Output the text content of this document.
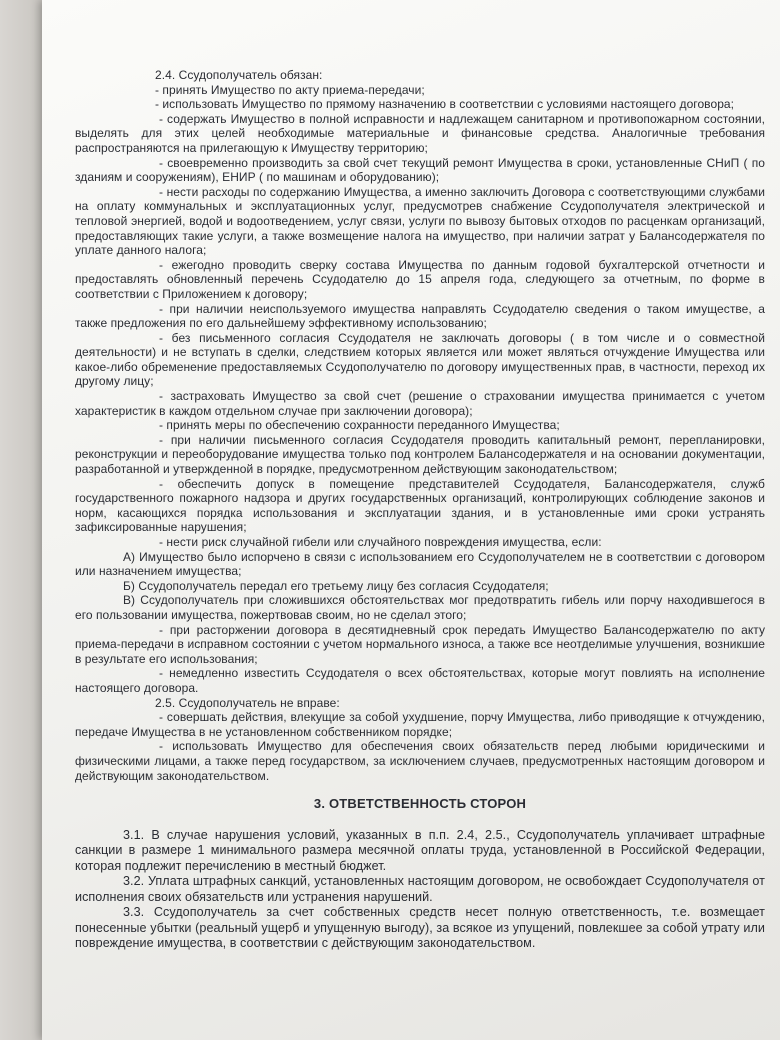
2.4. Ссудополучатель обязан:

- принять Имущество по акту приема-передачи;

- использовать Имущество по прямому назначению в соответствии с условиями настоящего договора;

- содержать Имущество в полной исправности и надлежащем санитарном и противопожарном состоянии, выделять для этих целей необходимые материальные и финансовые средства. Аналогичные требования распространяются на прилегающую к Имуществу территорию;

- своевременно производить за свой счет текущий ремонт Имущества в сроки, установленные СНиП ( по зданиям и сооружениям), ЕНИР ( по машинам и оборудованию);

- нести расходы по содержанию Имущества, а именно заключить Договора с соответствующими службами на оплату коммунальных и эксплуатационных услуг, предусмотрев снабжение Ссудополучателя электрической и тепловой энергией, водой и водоотведением, услуг связи, услуги по вывозу бытовых отходов по расценкам организаций, предоставляющих такие услуги, а также возмещение налога на имущество, при наличии затрат у Балансодержателя по уплате данного налога;

- ежегодно проводить сверку состава Имущества по данным годовой бухгалтерской отчетности и предоставлять обновленный перечень Ссудодателю до 15 апреля года, следующего за отчетным, по форме в соответствии с Приложением к договору;

- при наличии неиспользуемого имущества направлять Ссудодателю сведения о таком имуществе, а также предложения по его дальнейшему эффективному использованию;

- без письменного согласия Ссудодателя не заключать договоры ( в том числе и о совместной деятельности) и не вступать в сделки, следствием которых является или может являться отчуждение Имущества или какое-либо обременение предоставляемых Ссудополучателю по договору имущественных прав, в частности, переход их другому лицу;

- застраховать Имущество за свой счет (решение о страховании имущества принимается с учетом характеристик в каждом отдельном случае при заключении договора);

- принять меры по обеспечению сохранности переданного Имущества;

- при наличии письменного согласия Ссудодателя проводить капитальный ремонт, перепланировки, реконструкции и переоборудование имущества только под контролем Балансодержателя и на основании документации, разработанной и утвержденной в порядке, предусмотренном действующим законодательством;

- обеспечить допуск в помещение представителей Ссудодателя, Балансодержателя, служб государственного пожарного надзора и других государственных организаций, контролирующих соблюдение законов и норм, касающихся порядка использования и эксплуатации здания, и в установленные ими сроки устранять зафиксированные нарушения;

- нести риск случайной гибели или случайного повреждения имущества, если:

А) Имущество было испорчено в связи с использованием его Ссудополучателем не в соответствии с договором или назначением имущества;

Б) Ссудополучатель передал его третьему лицу без согласия Ссудодателя;

В) Ссудополучатель при сложившихся обстоятельствах мог предотвратить гибель или порчу находившегося в его пользовании имущества, пожертвовав своим, но не сделал этого;

- при расторжении договора в десятидневный срок передать Имущество Балансодержателю по акту приема-передачи в исправном состоянии с учетом нормального износа, а также все неотделимые улучшения, возникшие в результате его использования;

- немедленно известить Ссудодателя о всех обстоятельствах, которые могут повлиять на исполнение настоящего договора.

2.5. Ссудополучатель не вправе:

- совершать действия, влекущие за собой ухудшение, порчу Имущества, либо приводящие к отчуждению, передаче Имущества в не установленном собственником порядке;

- использовать Имущество для обеспечения своих обязательств перед любыми юридическими и физическими лицами, а также перед государством, за исключением случаев, предусмотренных настоящим договором и действующим законодательством.

3. ОТВЕТСТВЕННОСТЬ СТОРОН

3.1. В случае нарушения условий, указанных в п.п. 2.4, 2.5., Ссудополучатель уплачивает штрафные санкции в размере 1 минимального размера месячной оплаты труда, установленной в Российской Федерации, которая подлежит перечислению в местный бюджет.

3.2. Уплата штрафных санкций, установленных настоящим договором, не освобождает Ссудополучателя от исполнения своих обязательств или устранения нарушений.

3.3. Ссудополучатель за счет собственных средств несет полную ответственность, т.е. возмещает понесенные убытки (реальный ущерб и упущенную выгоду), за всякое из упущений, повлекшее за собой утрату или повреждение имущества, в соответствии с действующим законодательством.
